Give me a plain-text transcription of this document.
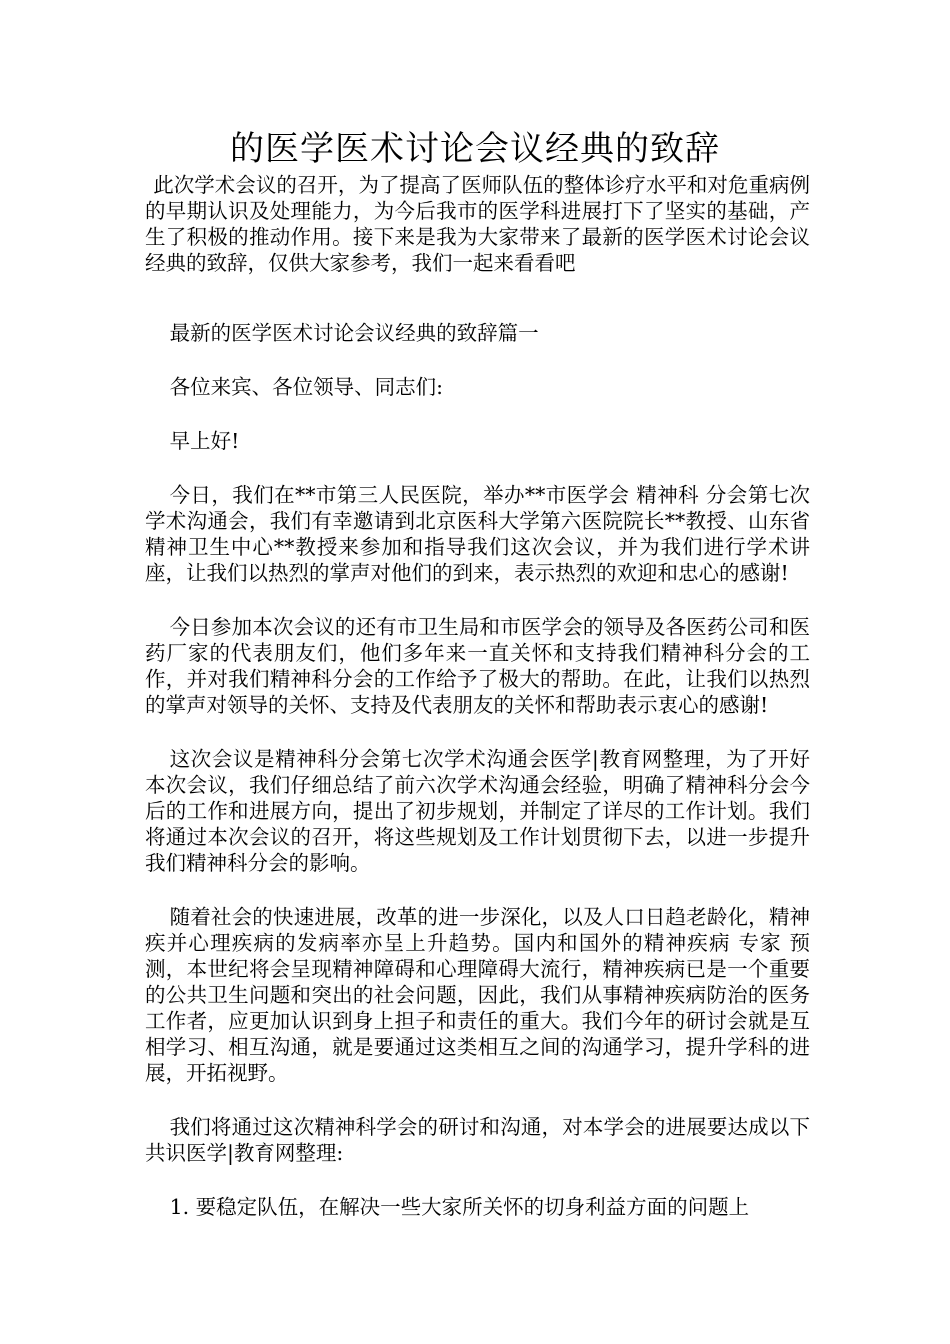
的医学医术讨论会议经典的致辞

此次学术会议的召开，为了提高了医师队伍的整体诊疗水平和对危重病例的早期认识及处理能力，为今后我市的医学科进展打下了坚实的基础，产生了积极的推动作用。接下来是我为大家带来了最新的医学医术讨论会议经典的致辞，仅供大家参考，我们一起来看看吧

最新的医学医术讨论会议经典的致辞篇一

各位来宾、各位领导、同志们:

早上好!

今日，我们在**市第三人民医院，举办**市医学会 精神科 分会第七次学术沟通会，我们有幸邀请到北京医科大学第六医院院长**教授、山东省精神卫生中心**教授来参加和指导我们这次会议，并为我们进行学术讲座，让我们以热烈的掌声对他们的到来，表示热烈的欢迎和忠心的感谢!

今日参加本次会议的还有市卫生局和市医学会的领导及各医药公司和医药厂家的代表朋友们，他们多年来一直关怀和支持我们精神科分会的工作，并对我们精神科分会的工作给予了极大的帮助。在此，让我们以热烈的掌声对领导的关怀、支持及代表朋友的关怀和帮助表示衷心的感谢!

这次会议是精神科分会第七次学术沟通会医学|教育网整理，为了开好本次会议，我们仔细总结了前六次学术沟通会经验，明确了精神科分会今后的工作和进展方向，提出了初步规划，并制定了详尽的工作计划。我们将通过本次会议的召开，将这些规划及工作计划贯彻下去，以进一步提升我们精神科分会的影响。

随着社会的快速进展，改革的进一步深化，以及人口日趋老龄化，精神疾并心理疾病的发病率亦呈上升趋势。国内和国外的精神疾病 专家 预测，本世纪将会呈现精神障碍和心理障碍大流行，精神疾病已是一个重要的公共卫生问题和突出的社会问题，因此，我们从事精神疾病防治的医务工作者，应更加认识到身上担子和责任的重大。我们今年的研讨会就是互相学习、相互沟通，就是要通过这类相互之间的沟通学习，提升学科的进展，开拓视野。

我们将通过这次精神科学会的研讨和沟通，对本学会的进展要达成以下共识医学|教育网整理:

1. 要稳定队伍，在解决一些大家所关怀的切身利益方面的问题上
